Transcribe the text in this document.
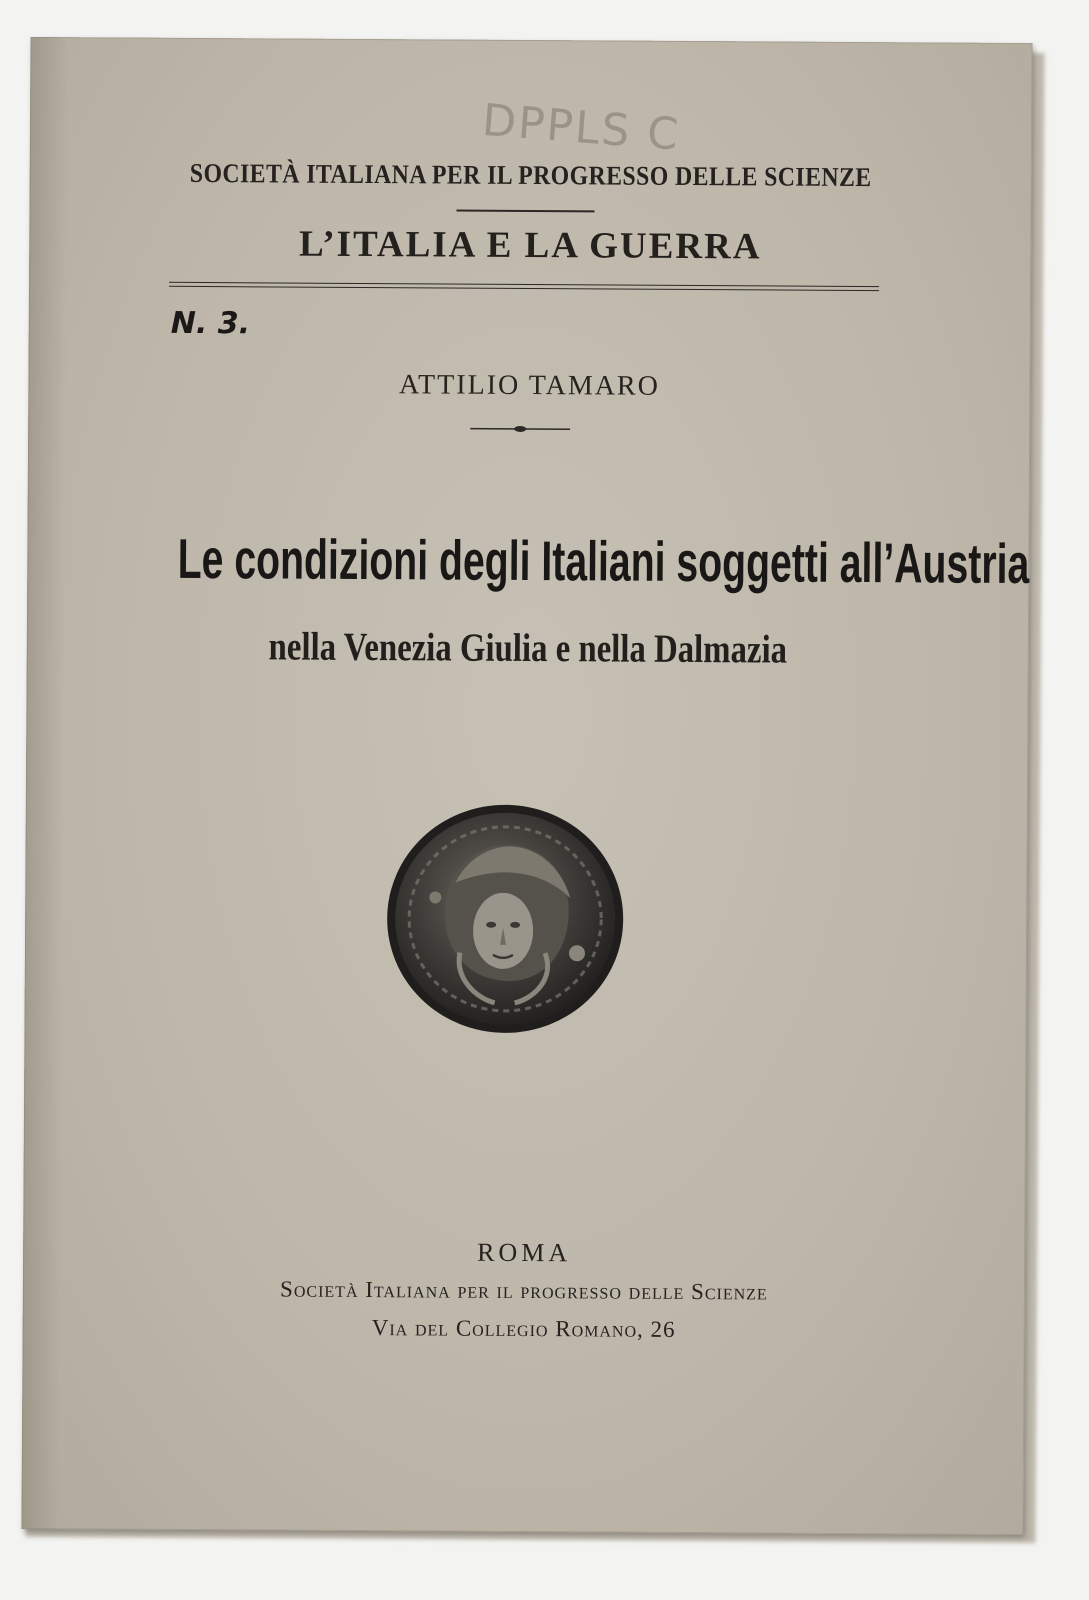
DPPLS C
SOCIETÀ ITALIANA PER IL PROGRESSO DELLE SCIENZE
L’ITALIA E LA GUERRA
N. 3.
ATTILIO TAMARO
Le condizioni degli Italiani soggetti all’Austria
nella Venezia Giulia e nella Dalmazia
ROMA
Società Italiana per il progresso delle Scienze
Via del Collegio Romano, 26
